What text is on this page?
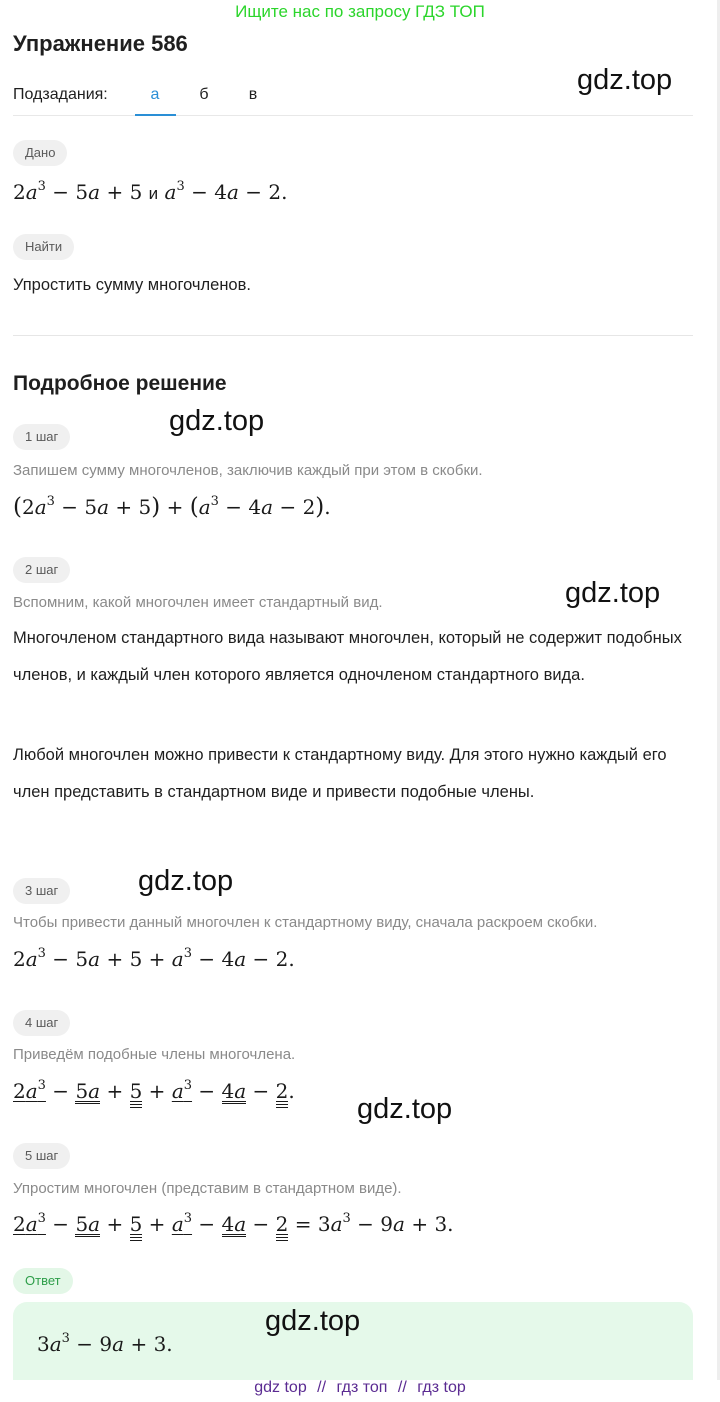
Ищите нас по запросу ГДЗ ТОП
Упражнение 586
Подзадания:	а	б	в	gdz.top
Дано
$2a^3 - 5a + 5$ и $a^3 - 4a - 2$.
Найти
Упростить сумму многочленов.
Подробное решение
gdz.top
1 шаг
Запишем сумму многочленов, заключив каждый при этом в скобки.
$(2a^3 - 5a + 5) + (a^3 - 4a - 2)$.
2 шаг
gdz.top
Вспомним, какой многочлен имеет стандартный вид.
Многочленом стандартного вида называют многочлен, который не содержит подобных членов, и каждый член которого является одночленом стандартного вида.
Любой многочлен можно привести к стандартному виду. Для этого нужно каждый его член представить в стандартном виде и привести подобные члены.
3 шаг	gdz.top
Чтобы привести данный многочлен к стандартному виду, сначала раскроем скобки.
$2a^3 - 5a + 5 + a^3 - 4a - 2$.
4 шаг
Приведём подобные члены многочлена.
$2a^3 - 5a + 5 + a^3 - 4a - 2$.
gdz.top
5 шаг
Упростим многочлен (представим в стандартном виде).
$2a^3 - 5a + 5 + a^3 - 4a - 2 = 3a^3 - 9a + 3$.
Ответ
$3a^3 - 9a + 3$.
gdz.top
gdz top // гдз топ // гдз top
